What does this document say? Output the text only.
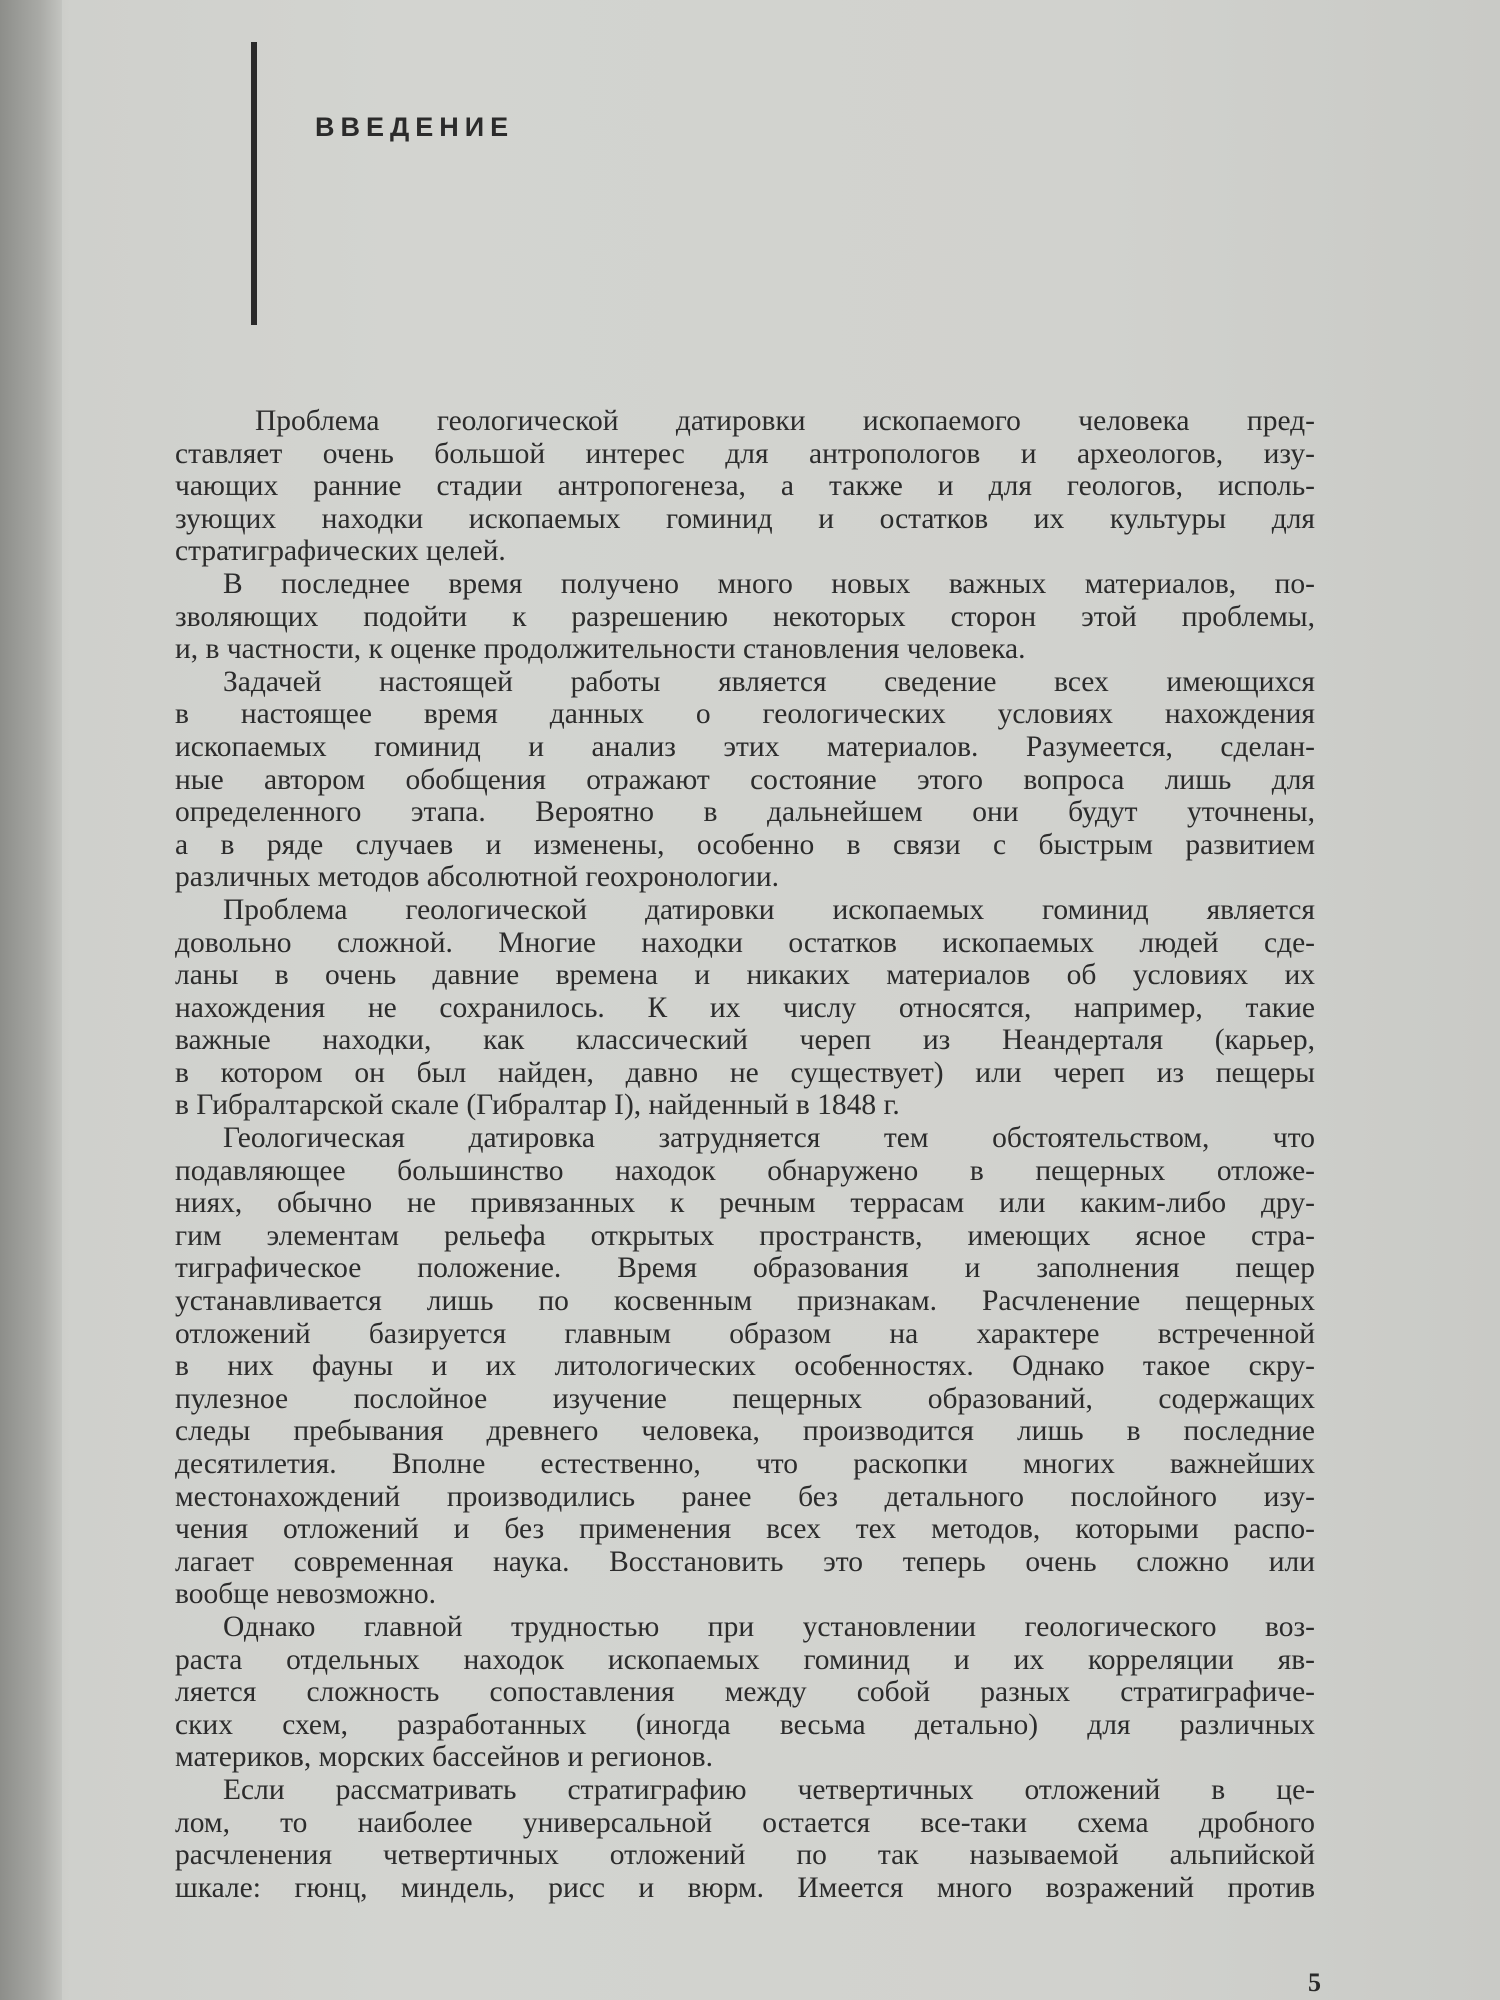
ВВЕДЕНИЕ
Проблема геологической датировки ископаемого человека пред-
ставляет очень большой интерес для антропологов и археологов, изу-
чающих ранние стадии антропогенеза, а также и для геологов, исполь-
зующих находки ископаемых гоминид и остатков их культуры для
стратиграфических целей.
В последнее время получено много новых важных материалов, по-
зволяющих подойти к разрешению некоторых сторон этой проблемы,
и, в частности, к оценке продолжительности становления человека.
Задачей настоящей работы является сведение всех имеющихся
в настоящее время данных о геологических условиях нахождения
ископаемых гоминид и анализ этих материалов. Разумеется, сделан-
ные автором обобщения отражают состояние этого вопроса лишь для
определенного этапа. Вероятно в дальнейшем они будут уточнены,
а в ряде случаев и изменены, особенно в связи с быстрым развитием
различных методов абсолютной геохронологии.
Проблема геологической датировки ископаемых гоминид является
довольно сложной. Многие находки остатков ископаемых людей сде-
ланы в очень давние времена и никаких материалов об условиях их
нахождения не сохранилось. К их числу относятся, например, такие
важные находки, как классический череп из Неандерталя (карьер,
в котором он был найден, давно не существует) или череп из пещеры
в Гибралтарской скале (Гибралтар I), найденный в 1848 г.
Геологическая датировка затрудняется тем обстоятельством, что
подавляющее большинство находок обнаружено в пещерных отложе-
ниях, обычно не привязанных к речным террасам или каким-либо дру-
гим элементам рельефа открытых пространств, имеющих ясное стра-
тиграфическое положение. Время образования и заполнения пещер
устанавливается лишь по косвенным признакам. Расчленение пещерных
отложений базируется главным образом на характере встреченной
в них фауны и их литологических особенностях. Однако такое скру-
пулезное послойное изучение пещерных образований, содержащих
следы пребывания древнего человека, производится лишь в последние
десятилетия. Вполне естественно, что раскопки многих важнейших
местонахождений производились ранее без детального послойного изу-
чения отложений и без применения всех тех методов, которыми распо-
лагает современная наука. Восстановить это теперь очень сложно или
вообще невозможно.
Однако главной трудностью при установлении геологического воз-
раста отдельных находок ископаемых гоминид и их корреляции яв-
ляется сложность сопоставления между собой разных стратиграфиче-
ских схем, разработанных (иногда весьма детально) для различных
материков, морских бассейнов и регионов.
Если рассматривать стратиграфию четвертичных отложений в це-
лом, то наиболее универсальной остается все-таки схема дробного
расчленения четвертичных отложений по так называемой альпийской
шкале: гюнц, миндель, рисс и вюрм. Имеется много возражений против
5
